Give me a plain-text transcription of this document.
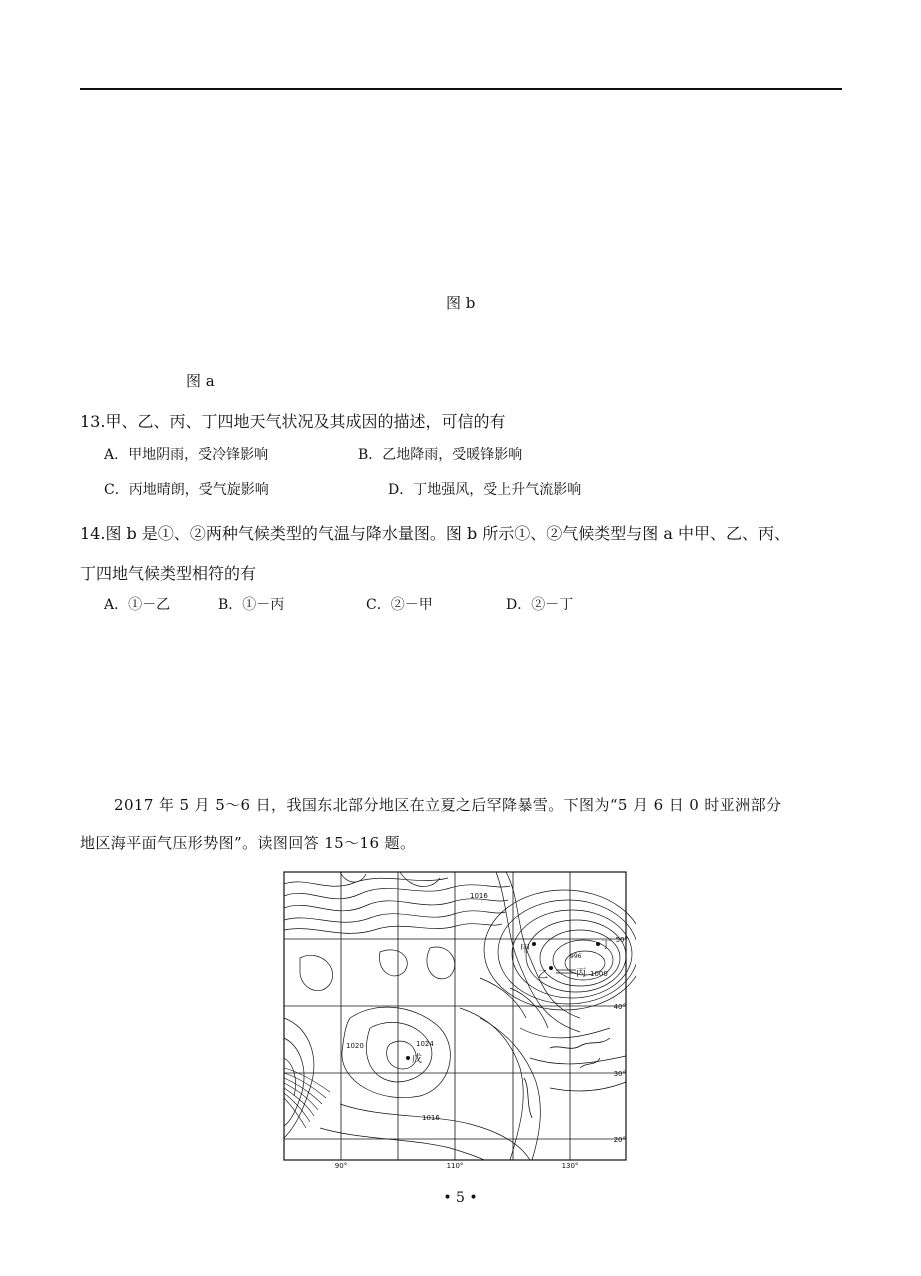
图 b
图 a
13.甲、乙、丙、丁四地天气状况及其成因的描述，可信的有
A．甲地阴雨，受冷锋影响	B．乙地降雨，受暖锋影响
C．丙地晴朗，受气旋影响	D．丁地强风，受上升气流影响
14.图 b 是①、②两种气候类型的气温与降水量图。图 b 所示①、②气候类型与图 a 中甲、乙、丙、
丁四地气候类型相符的有
A．①－乙	B．①－丙	C．②－甲	D．②－丁
2017 年 5 月 5～6 日，我国东北部分地区在立夏之后罕降暴雪。下图为“5 月 6 日 0 时亚洲部分
地区海平面气压形势图”。读图回答 15～16 题。
1016
1020	1024
1016
1000
996
甲
乙	丙
丁
戊
50°
40°
30°
20°
90°	110°	130°
• 5 •
